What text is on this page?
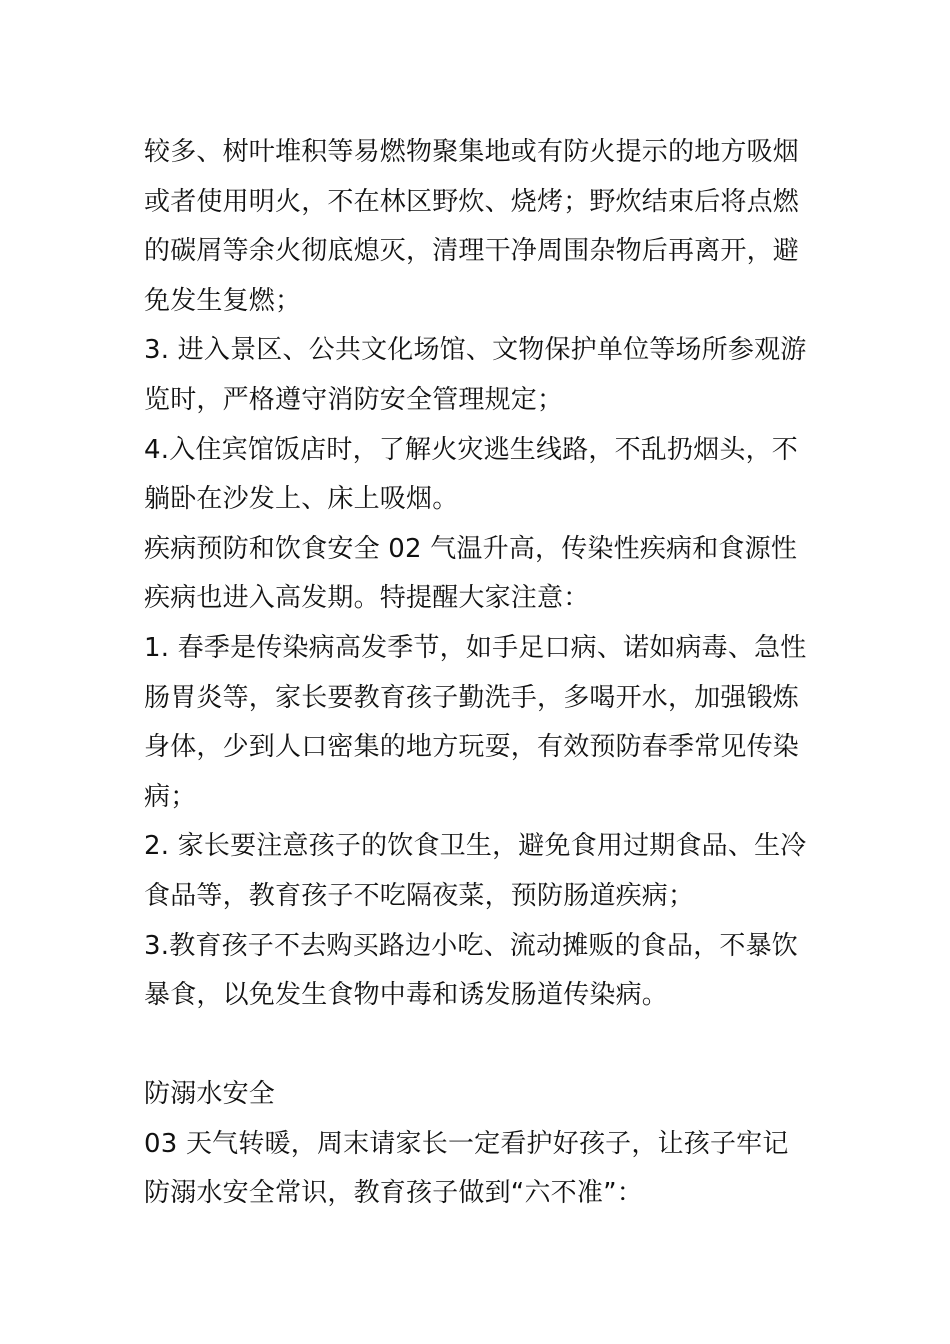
较多、树叶堆积等易燃物聚集地或有防火提示的地方吸烟或者使用明火，不在林区野炊、烧烤；野炊结束后将点燃的碳屑等余火彻底熄灭，清理干净周围杂物后再离开，避免发生复燃；

3. 进入景区、公共文化场馆、文物保护单位等场所参观游览时，严格遵守消防安全管理规定；

4.入住宾馆饭店时，了解火灾逃生线路，不乱扔烟头，不躺卧在沙发上、床上吸烟。

疾病预防和饮食安全 02 气温升高，传染性疾病和食源性疾病也进入高发期。特提醒大家注意：

1. 春季是传染病高发季节，如手足口病、诺如病毒、急性肠胃炎等，家长要教育孩子勤洗手，多喝开水，加强锻炼身体，少到人口密集的地方玩耍，有效预防春季常见传染病；

2. 家长要注意孩子的饮食卫生，避免食用过期食品、生冷食品等，教育孩子不吃隔夜菜，预防肠道疾病；

3.教育孩子不去购买路边小吃、流动摊贩的食品，不暴饮暴食，以免发生食物中毒和诱发肠道传染病。

防溺水安全

03 天气转暖，周末请家长一定看护好孩子，让孩子牢记防溺水安全常识，教育孩子做到“六不准”：
